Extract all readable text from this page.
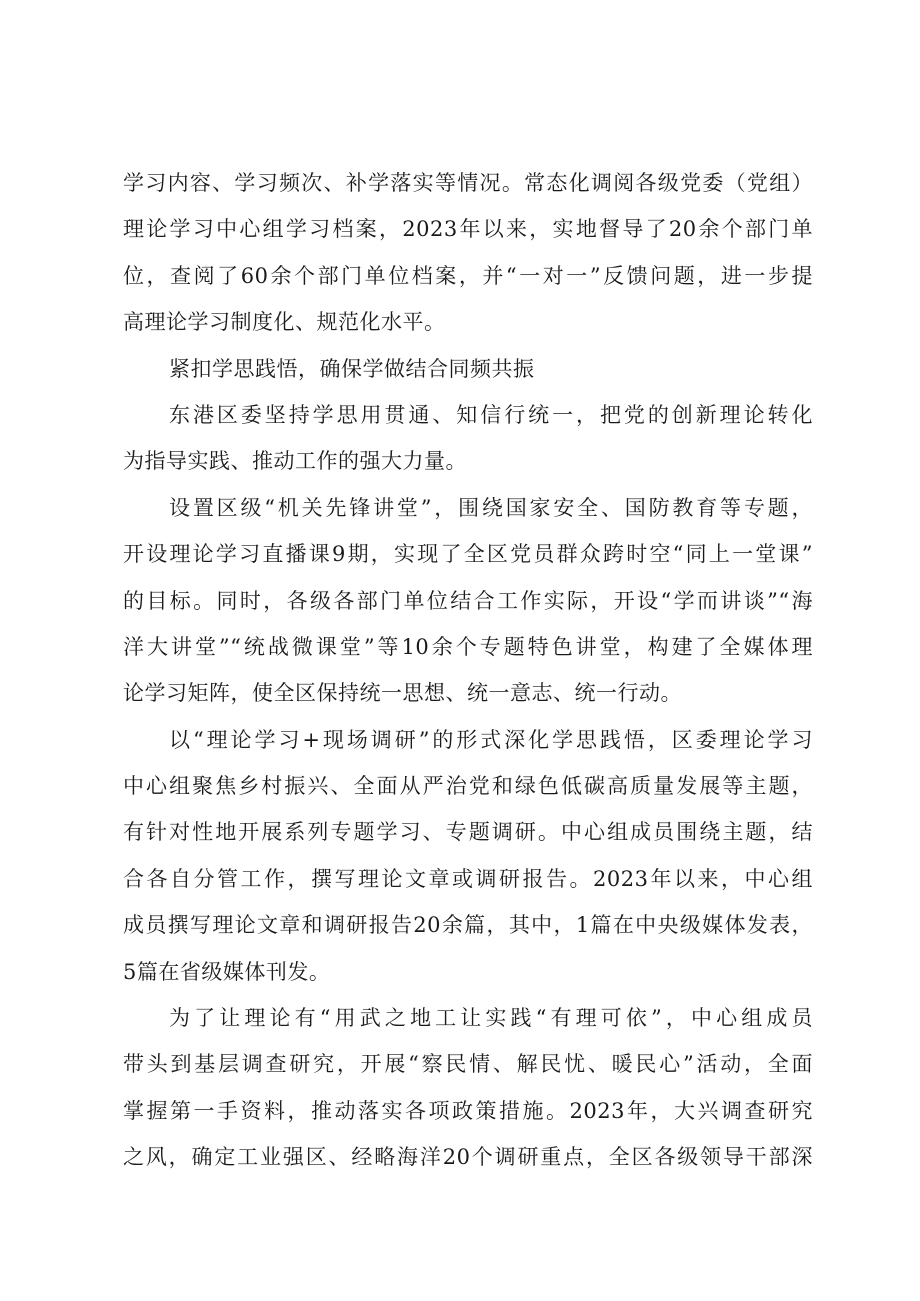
学习内容、学习频次、补学落实等情况。常态化调阅各级党委（党组）
理论学习中心组学习档案，2023年以来，实地督导了20余个部门单
位，查阅了60余个部门单位档案，并“一对一”反馈问题，进一步提
高理论学习制度化、规范化水平。
紧扣学思践悟，确保学做结合同频共振
东港区委坚持学思用贯通、知信行统一，把党的创新理论转化
为指导实践、推动工作的强大力量。
设置区级“机关先锋讲堂”，围绕国家安全、国防教育等专题，
开设理论学习直播课9期，实现了全区党员群众跨时空“同上一堂课”
的目标。同时，各级各部门单位结合工作实际，开设“学而讲谈”“海
洋大讲堂”“统战微课堂”等10余个专题特色讲堂，构建了全媒体理
论学习矩阵，使全区保持统一思想、统一意志、统一行动。
以“理论学习+现场调研”的形式深化学思践悟，区委理论学习
中心组聚焦乡村振兴、全面从严治党和绿色低碳高质量发展等主题，
有针对性地开展系列专题学习、专题调研。中心组成员围绕主题，结
合各自分管工作，撰写理论文章或调研报告。2023年以来，中心组
成员撰写理论文章和调研报告20余篇，其中，1篇在中央级媒体发表，
5篇在省级媒体刊发。
为了让理论有“用武之地工让实践“有理可依”，中心组成员
带头到基层调查研究，开展“察民情、解民忧、暖民心”活动，全面
掌握第一手资料，推动落实各项政策措施。2023年，大兴调查研究
之风，确定工业强区、经略海洋20个调研重点，全区各级领导干部深
